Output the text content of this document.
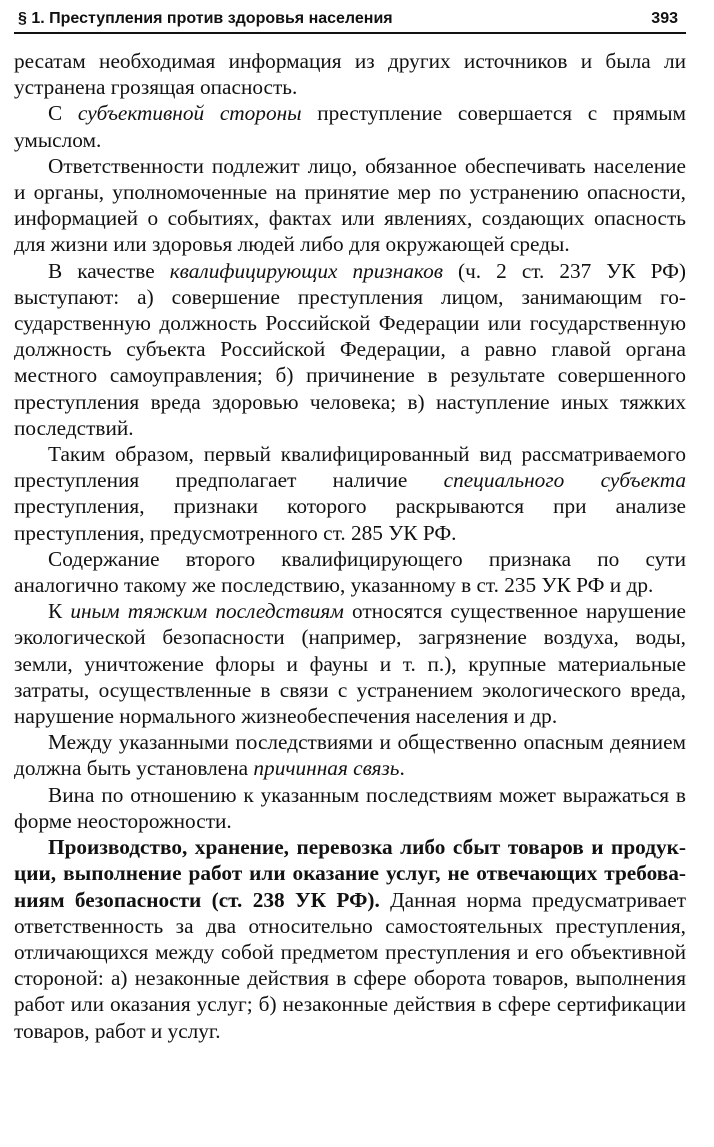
§ 1. Преступления против здоровья населения	393

ресатам необходимая информация из других источников и была ли устранена грозящая опасность.

С субъективной стороны преступление совершается с прямым умыслом.

Ответственности подлежит лицо, обязанное обеспечивать население и органы, уполномоченные на принятие мер по устранению опасности, информацией о событиях, фактах или явлениях, создающих опасность для жизни или здоровья людей либо для окружающей среды.

В качестве квалифицирующих признаков (ч. 2 ст. 237 УК РФ) выступают: а) совершение преступления лицом, занимающим государственную должность Российской Федерации или государственную должность субъекта Российской Федерации, а равно главой органа местного самоуправления; б) причинение в результате совершенного преступления вреда здоровью человека; в) наступление иных тяжких последствий.

Таким образом, первый квалифицированный вид рассматриваемого преступления предполагает наличие специального субъекта преступления, признаки которого раскрываются при анализе преступления, предусмотренного ст. 285 УК РФ.

Содержание второго квалифицирующего признака по сути аналогично такому же последствию, указанному в ст. 235 УК РФ и др.

К иным тяжким последствиям относятся существенное нарушение экологической безопасности (например, загрязнение воздуха, воды, земли, уничтожение флоры и фауны и т. п.), крупные материальные затраты, осуществленные в связи с устранением экологического вреда, нарушение нормального жизнеобеспечения населения и др.

Между указанными последствиями и общественно опасным деянием должна быть установлена причинная связь.

Вина по отношению к указанным последствиям может выражаться в форме неосторожности.

Производство, хранение, перевозка либо сбыт товаров и продукции, выполнение работ или оказание услуг, не отвечающих требованиям безопасности (ст. 238 УК РФ). Данная норма предусматривает ответственность за два относительно самостоятельных преступления, отличающихся между собой предметом преступления и его объективной стороной: а) незаконные действия в сфере оборота товаров, выполнения работ или оказания услуг; б) незаконные действия в сфере сертификации товаров, работ и услуг.
